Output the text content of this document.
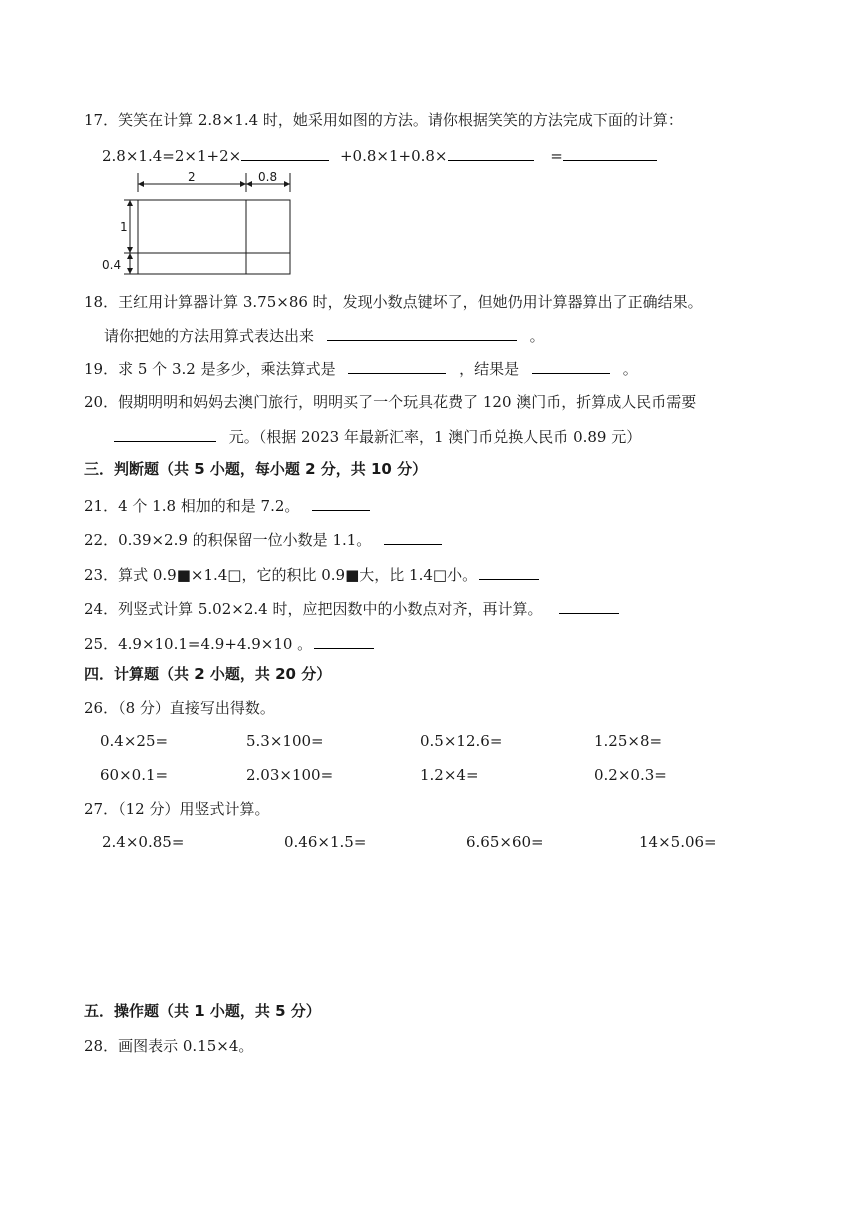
17．笑笑在计算 2.8×1.4 时，她采用如图的方法。请你根据笑笑的方法完成下面的计算：
2.8×1.4=2×1+2×	+0.8×1+0.8×	=
2	0.8
1
0.4
18．王红用计算器计算 3.75×86 时，发现小数点键坏了，但她仍用计算器算出了正确结果。
请你把她的方法用算式表达出来	。
19．求 5 个 3.2 是多少，乘法算式是	，结果是	。
20．假期明明和妈妈去澳门旅行，明明买了一个玩具花费了 120 澳门币，折算成人民币需要
元。（根据 2023 年最新汇率，1 澳门币兑换人民币 0.89 元）
三．判断题（共 5 小题，每小题 2 分，共 10 分）
21．4 个 1.8 相加的和是 7.2。
22．0.39×2.9 的积保留一位小数是 1.1。
23．算式 0.9■×1.4□，它的积比 0.9■大，比 1.4□小。
24．列竖式计算 5.02×2.4 时，应把因数中的小数点对齐，再计算。
25．4.9×10.1=4.9+4.9×10 。
四．计算题（共 2 小题，共 20 分）
26．（8 分）直接写出得数。
0.4×25=	5.3×100=	0.5×12.6=	1.25×8=
60×0.1=	2.03×100=	1.2×4=	0.2×0.3=
27．（12 分）用竖式计算。
2.4×0.85=	0.46×1.5=	6.65×60=	14×5.06=
五．操作题（共 1 小题，共 5 分）
28．画图表示 0.15×4。
